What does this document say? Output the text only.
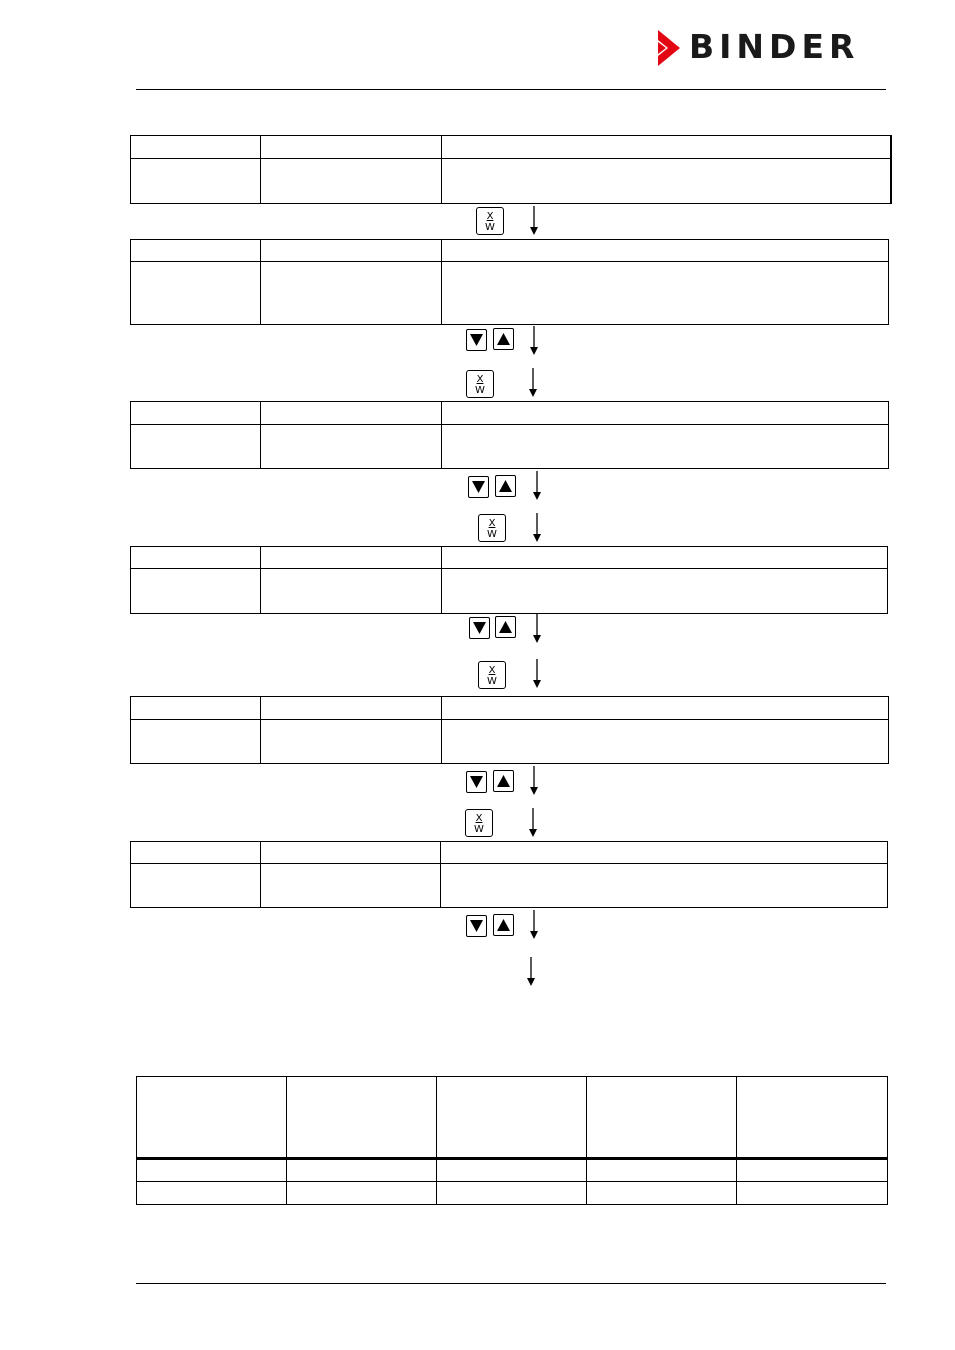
BINDER

X
W

X
W

X
W

X
W

X
W
